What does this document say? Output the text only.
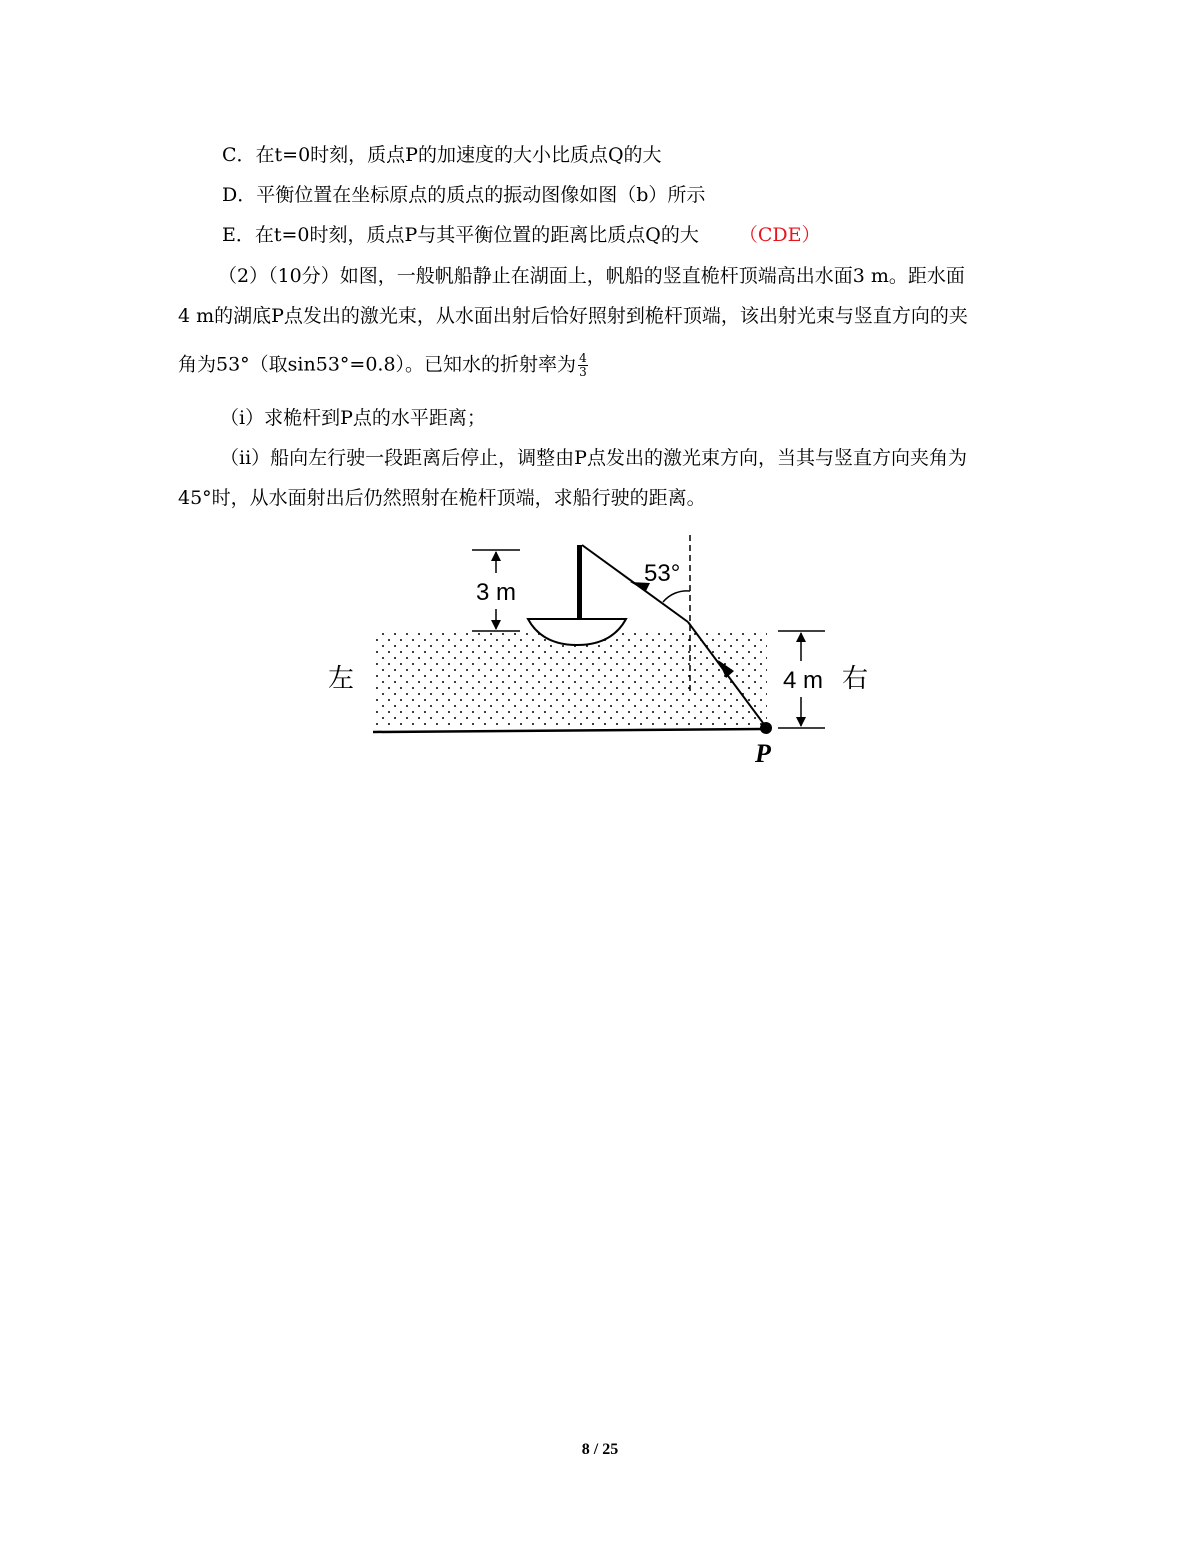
C．在t=0时刻，质点P的加速度的大小比质点Q的大
D．平衡位置在坐标原点的质点的振动图像如图（b）所示
E．在t=0时刻，质点P与其平衡位置的距离比质点Q的大 （CDE）
（2）（10分）如图，一般帆船静止在湖面上，帆船的竖直桅杆顶端高出水面3 m。距水面
4 m的湖底P点发出的激光束，从水面出射后恰好照射到桅杆顶端，该出射光束与竖直方向的夹
角为53°（取sin53°=0.8）。已知水的折射率为 $\frac{4}{3}$
（i）求桅杆到P点的水平距离；
（ii）船向左行驶一段距离后停止，调整由P点发出的激光束方向，当其与竖直方向夹角为
45°时，从水面射出后仍然照射在桅杆顶端，求船行驶的距离。
3 m
4 m
53°
左	右
P
8 / 25
